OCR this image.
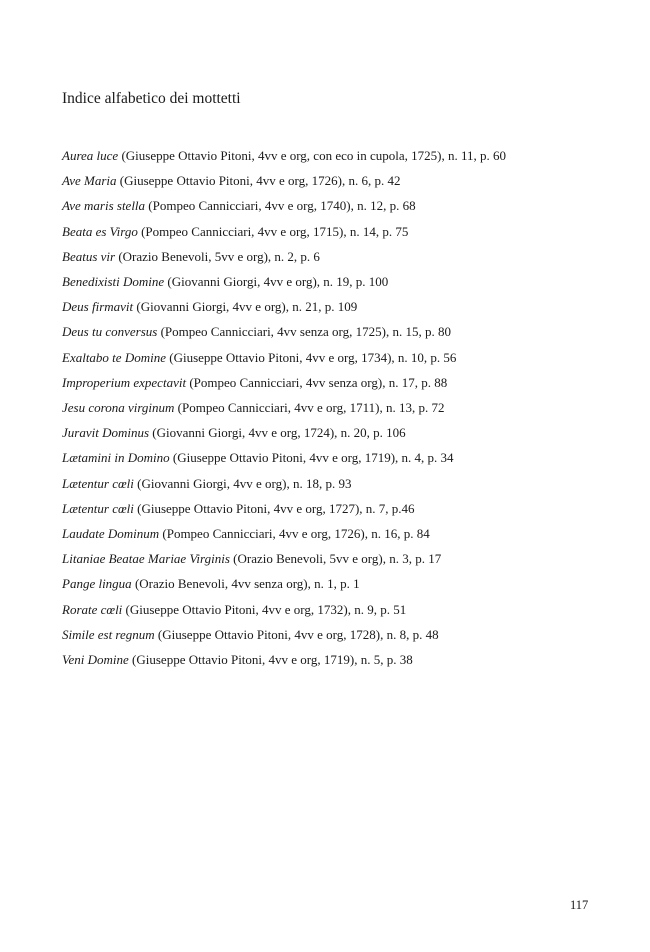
Indice alfabetico dei mottetti
Aurea luce (Giuseppe Ottavio Pitoni, 4vv e org, con eco in cupola, 1725), n. 11, p. 60
Ave Maria (Giuseppe Ottavio Pitoni, 4vv e org, 1726), n. 6, p. 42
Ave maris stella (Pompeo Cannicciari, 4vv e org, 1740), n. 12, p. 68
Beata es Virgo (Pompeo Cannicciari, 4vv e org, 1715), n. 14, p. 75
Beatus vir (Orazio Benevoli, 5vv e org), n. 2, p. 6
Benedixisti Domine (Giovanni Giorgi, 4vv e org), n. 19, p. 100
Deus firmavit (Giovanni Giorgi, 4vv e org), n. 21, p. 109
Deus tu conversus (Pompeo Cannicciari, 4vv senza org, 1725), n. 15, p. 80
Exaltabo te Domine (Giuseppe Ottavio Pitoni, 4vv e org, 1734), n. 10, p. 56
Improperium expectavit (Pompeo Cannicciari, 4vv senza org), n. 17, p. 88
Jesu corona virginum (Pompeo Cannicciari, 4vv e org, 1711), n. 13, p. 72
Juravit Dominus (Giovanni Giorgi, 4vv e org, 1724), n. 20, p. 106
Lætamini in Domino (Giuseppe Ottavio Pitoni, 4vv e org, 1719), n. 4, p. 34
Lætentur cœli (Giovanni Giorgi, 4vv e org), n. 18, p. 93
Lætentur cœli (Giuseppe Ottavio Pitoni, 4vv e org, 1727), n. 7, p.46
Laudate Dominum (Pompeo Cannicciari, 4vv e org, 1726), n. 16, p. 84
Litaniae Beatae Mariae Virginis (Orazio Benevoli, 5vv e org), n. 3, p. 17
Pange lingua (Orazio Benevoli, 4vv senza org), n. 1, p. 1
Rorate cœli (Giuseppe Ottavio Pitoni, 4vv e org, 1732), n. 9, p. 51
Simile est regnum (Giuseppe Ottavio Pitoni, 4vv e org, 1728), n. 8, p. 48
Veni Domine (Giuseppe Ottavio Pitoni, 4vv e org, 1719), n. 5, p. 38
117
